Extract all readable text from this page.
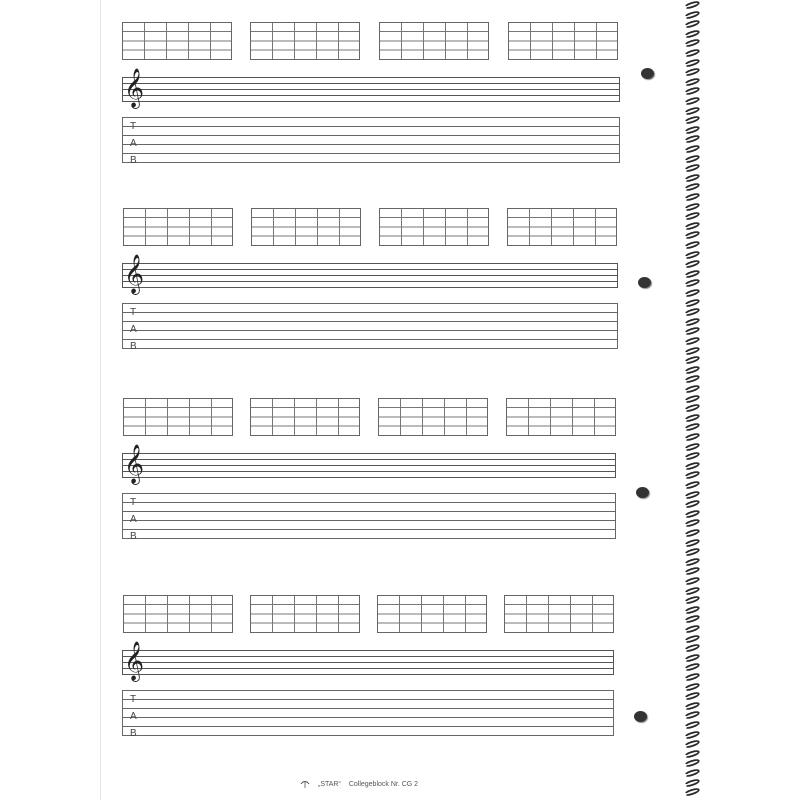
𝄞
T
A
B
𝄞
T
A
B
𝄞
T
A
B
𝄞
T
A
B
„STAR“ Collegeblock Nr. CG 2
